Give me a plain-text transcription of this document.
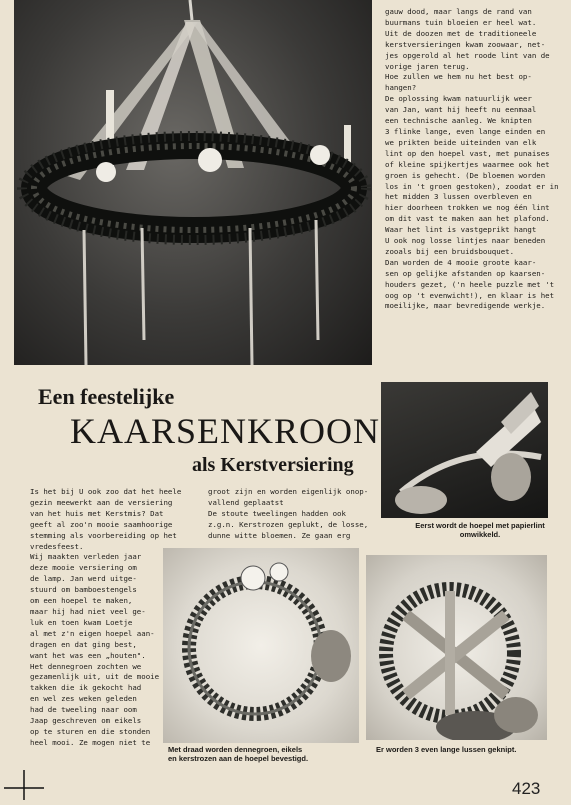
gauw dood, maar langs de rand van
buurmans tuin bloeien er heel wat.
Uit de doozen met de traditioneele
kerstversieringen kwam zoowaar, net-
jes opgerold al het roode lint van de
vorige jaren terug.
Hoe zullen we hem nu het best op-
hangen?
De oplossing kwam natuurlijk weer
van Jan, want hij heeft nu eenmaal
een technische aanleg. We knipten
3 flinke lange, even lange einden en
we prikten beide uiteinden van elk
lint op den hoepel vast, met punaises
of kleine spijkertjes waarmee ook het
groen is gehecht. (De bloemen worden
los in 't groen gestoken), zoodat er in
het midden 3 lussen overbleven en
hier doorheen trokken we nog één lint
om dit vast te maken aan het plafond.
Waar het lint is vastgeprikt hangt
U ook nog losse lintjes naar beneden
zooals bij een bruidsbouquet.
Dan worden de 4 mooie groote kaar-
sen op gelijke afstanden op kaarsen-
houders gezet, ('n heele puzzle met 't
oog op 't evenwicht!), en klaar is het
moeilijke, maar bevredigende werkje.
Een feestelijke
KAARSENKROON
als Kerstversiering
Eerst wordt de hoepel met papierlint
omwikkeld.
Is het bij U ook zoo dat het heele
gezin meewerkt aan de versiering
van het huis met Kerstmis? Dat
geeft al zoo'n mooie saamhoorige
stemming als voorbereiding op het
vredesfeest.
Wij maakten verleden jaar
deze mooie versiering om
de lamp. Jan werd uitge-
stuurd om bamboestengels
om een hoepel te maken,
maar hij had niet veel ge-
luk en toen kwam Loetje
al met z'n eigen hoepel aan-
dragen en dat ging best,
want het was een „houten".
Het dennegroen zochten we
gezamenlijk uit, uit de mooie
takken die ik gekocht had
en wel zes weken geleden
had de tweeling naar oom
Jaap geschreven om eikels
op te sturen en die stonden
heel mooi. Ze mogen niet te
groot zijn en worden eigenlijk onop-
vallend geplaatst
De stoute tweelingen hadden ook
z.g.n. Kerstrozen geplukt, de losse,
dunne witte bloemen. Ze gaan erg
Met draad worden dennegroen, eikels
en kerstrozen aan de hoepel bevestigd.
Er worden 3 even lange lussen geknipt.
423
